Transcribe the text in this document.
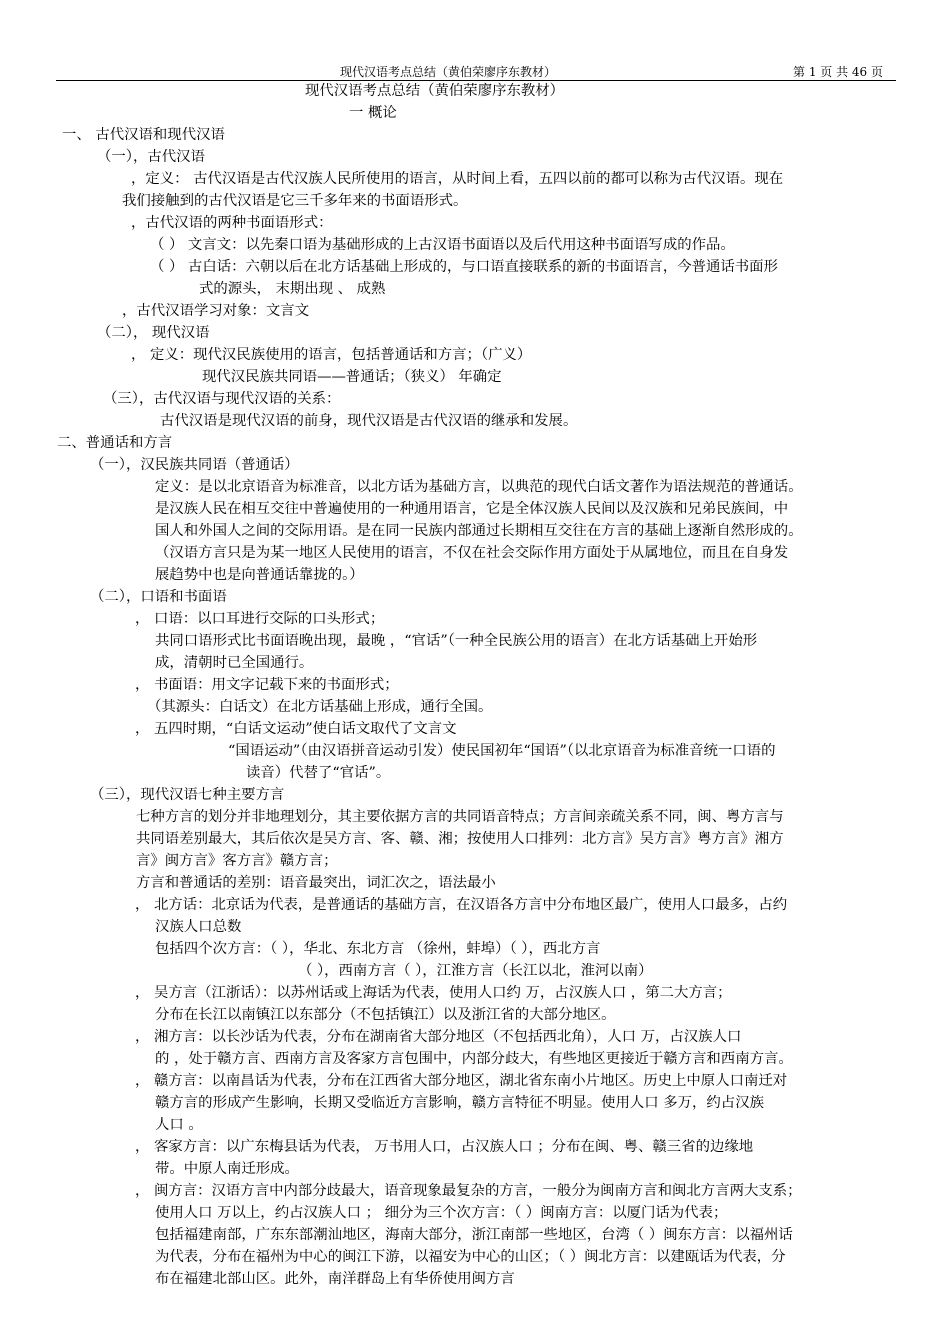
现代汉语考点总结（黄伯荣廖序东教材）	第 1 页 共 46 页
现代汉语考点总结（黄伯荣廖序东教材）
一 概论
一、 古代汉语和现代汉语
（一），古代汉语
，定义： 古代汉语是古代汉族人民所使用的语言，从时间上看，五四以前的都可以称为古代汉语。现在
我们接触到的古代汉语是它三千多年来的书面语形式。
，古代汉语的两种书面语形式：
（ ） 文言文：以先秦口语为基础形成的上古汉语书面语以及后代用这种书面语写成的作品。
（ ） 古白话：六朝以后在北方话基础上形成的，与口语直接联系的新的书面语言，今普通话书面形
式的源头， 末期出现 、 成熟
，古代汉语学习对象：文言文
（二）， 现代汉语
， 定义：现代汉民族使用的语言，包括普通话和方言；（广义）
现代汉民族共同语——普通话；（狭义） 年确定
（三），古代汉语与现代汉语的关系：
古代汉语是现代汉语的前身，现代汉语是古代汉语的继承和发展。
二、普通话和方言
（一），汉民族共同语（普通话）
定义：是以北京语音为标准音，以北方话为基础方言，以典范的现代白话文著作为语法规范的普通话。
是汉族人民在相互交往中普遍使用的一种通用语言，它是全体汉族人民间以及汉族和兄弟民族间，中
国人和外国人之间的交际用语。是在同一民族内部通过长期相互交往在方言的基础上逐渐自然形成的。
（汉语方言只是为某一地区人民使用的语言，不仅在社会交际作用方面处于从属地位，而且在自身发
展趋势中也是向普通话靠拢的。）
（二），口语和书面语
， 口语：以口耳进行交际的口头形式；
共同口语形式比书面语晚出现，最晚 ，“官话”（一种全民族公用的语言）在北方话基础上开始形
成，清朝时已全国通行。
， 书面语：用文字记载下来的书面形式；
（其源头：白话文）在北方话基础上形成，通行全国。
， 五四时期，“白话文运动”使白话文取代了文言文
“国语运动”（由汉语拼音运动引发）使民国初年“国语”（以北京语音为标准音统一口语的
读音）代替了“官话”。
（三），现代汉语七种主要方言
七种方言的划分并非地理划分，其主要依据方言的共同语音特点；方言间亲疏关系不同，闽、粤方言与
共同语差别最大，其后依次是吴方言、客、赣、湘；按使用人口排列：北方言》吴方言》粤方言》湘方
言》闽方言》客方言》赣方言；
方言和普通话的差别：语音最突出，词汇次之，语法最小
， 北方话：北京话为代表，是普通话的基础方言，在汉语各方言中分布地区最广，使用人口最多，占约
汉族人口总数
包括四个次方言：（ ），华北、东北方言 （徐州，蚌埠）（ ），西北方言
（ ），西南方言（ ），江淮方言（长江以北，淮河以南）
， 吴方言（江浙话）：以苏州话或上海话为代表，使用人口约 万，占汉族人口 ，第二大方言；
分布在长江以南镇江以东部分（不包括镇江）以及浙江省的大部分地区。
， 湘方言：以长沙话为代表，分布在湖南省大部分地区（不包括西北角），人口 万，占汉族人口
的 ，处于赣方言、西南方言及客家方言包围中，内部分歧大，有些地区更接近于赣方言和西南方言。
， 赣方言：以南昌话为代表，分布在江西省大部分地区，湖北省东南小片地区。历史上中原人口南迁对
赣方言的形成产生影响，长期又受临近方言影响，赣方言特征不明显。使用人口 多万，约占汉族
人口 。
， 客家方言：以广东梅县话为代表， 万书用人口，占汉族人口 ；分布在闽、粤、赣三省的边缘地
带。中原人南迁形成。
， 闽方言：汉语方言中内部分歧最大，语音现象最复杂的方言，一般分为闽南方言和闽北方言两大支系；
使用人口 万以上，约占汉族人口 ； 细分为三个次方言：（ ）闽南方言：以厦门话为代表；
包括福建南部，广东东部潮汕地区，海南大部分，浙江南部一些地区，台湾（ ）闽东方言：以福州话
为代表，分布在福州为中心的闽江下游，以福安为中心的山区；（ ）闽北方言：以建瓯话为代表，分
布在福建北部山区。此外，南洋群岛上有华侨使用闽方言
